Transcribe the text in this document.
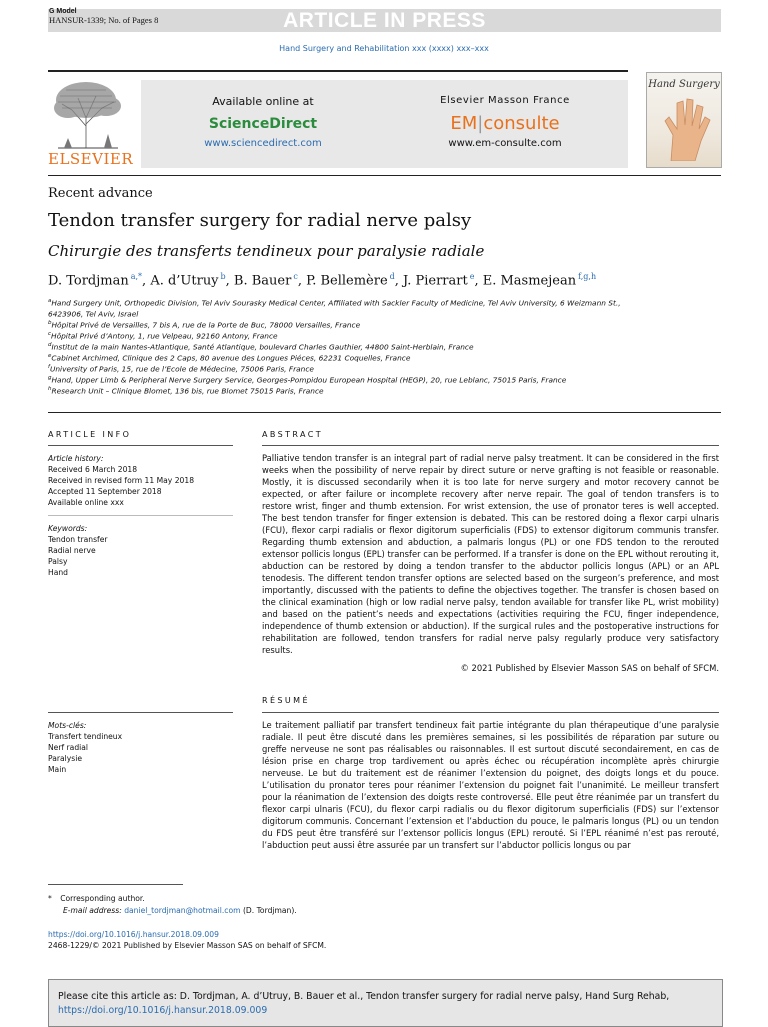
ARTICLE IN PRESS
G Model
HANSUR-1339; No. of Pages 8
Hand Surgery and Rehabilitation xxx (xxxx) xxx–xxx
ELSEVIER
Available online at
ScienceDirect
www.sciencedirect.com
Elsevier Masson France
EM|consulte
www.em-consulte.com
Hand Surgery
Recent advance
Tendon transfer surgery for radial nerve palsy
Chirurgie des transferts tendineux pour paralysie radiale
D. Tordjman $^{a,*}$, A. d’Utruy $^b$, B. Bauer $^c$, P. Bellemère $^d$, J. Pierrart $^e$, E. Masmejean $^{f,g,h}$
$^a$Hand Surgery Unit, Orthopedic Division, Tel Aviv Sourasky Medical Center, Affiliated with Sackler Faculty of Medicine, Tel Aviv University, 6 Weizmann St.,
6423906, Tel Aviv, Israel
$^b$Hôpital Privé de Versailles, 7 bis A, rue de la Porte de Buc, 78000 Versailles, France
$^c$Hôpital Privé d’Antony, 1, rue Velpeau, 92160 Antony, France
$^d$Institut de la main Nantes-Atlantique, Santé Atlantique, boulevard Charles Gauthier, 44800 Saint-Herblain, France
$^e$Cabinet Archimed, Clinique des 2 Caps, 80 avenue des Longues Piéces, 62231 Coquelles, France
$^f$University of Paris, 15, rue de l’Ecole de Médecine, 75006 Paris, France
$^g$Hand, Upper Limb & Peripheral Nerve Surgery Service, Georges-Pompidou European Hospital (HEGP), 20, rue Leblanc, 75015 Paris, France
$^h$Research Unit – Clinique Blomet, 136 bis, rue Blomet 75015 Paris, France
ARTICLE INFO
Article history:
Received 6 March 2018
Received in revised form 11 May 2018
Accepted 11 September 2018
Available online xxx
Keywords:
Tendon transfer
Radial nerve
Palsy
Hand
ABSTRACT
Palliative tendon transfer is an integral part of radial nerve palsy treatment. It can be considered in the first weeks when the possibility of nerve repair by direct suture or nerve grafting is not feasible or reasonable. Mostly, it is discussed secondarily when it is too late for nerve surgery and motor recovery cannot be expected, or after failure or incomplete recovery after nerve repair. The goal of tendon transfers is to restore wrist, finger and thumb extension. For wrist extension, the use of pronator teres is well accepted. The best tendon transfer for finger extension is debated. This can be restored doing a flexor carpi ulnaris (FCU), flexor carpi radialis or flexor digitorum superficialis (FDS) to extensor digitorum communis transfer. Regarding thumb extension and abduction, a palmaris longus (PL) or one FDS tendon to the rerouted extensor pollicis longus (EPL) transfer can be performed. If a transfer is done on the EPL without rerouting it, abduction can be restored by doing a tendon transfer to the abductor pollicis longus (APL) or an APL tenodesis. The different tendon transfer options are selected based on the surgeon’s preference, and most importantly, discussed with the patients to define the objectives together. The transfer is chosen based on the clinical examination (high or low radial nerve palsy, tendon available for transfer like PL, wrist mobility) and based on the patient’s needs and expectations (activities requiring the FCU, finger independence, independence of thumb extension or abduction). If the surgical rules and the postoperative instructions for rehabilitation are followed, tendon transfers for radial nerve palsy regularly produce very satisfactory results.
© 2021 Published by Elsevier Masson SAS on behalf of SFCM.
RÉSUMÉ
Mots-clés:
Transfert tendineux
Nerf radial
Paralysie
Main
Le traitement palliatif par transfert tendineux fait partie intégrante du plan thérapeutique d’une paralysie radiale. Il peut être discuté dans les premières semaines, si les possibilités de réparation par suture ou greffe nerveuse ne sont pas réalisables ou raisonnables. Il est surtout discuté secondairement, en cas de lésion prise en charge trop tardivement ou après échec ou récupération incomplète après chirurgie nerveuse. Le but du traitement est de réanimer l’extension du poignet, des doigts longs et du pouce. L’utilisation du pronator teres pour réanimer l’extension du poignet fait l’unanimité. Le meilleur transfert pour la réanimation de l’extension des doigts reste controversé. Elle peut être réanimée par un transfert du flexor carpi ulnaris (FCU), du flexor carpi radialis ou du flexor digitorum superficialis (FDS) sur l’extensor digitorum communis. Concernant l’extension et l’abduction du pouce, le palmaris longus (PL) ou un tendon du FDS peut être transféré sur l’extensor pollicis longus (EPL) rerouté. Si l’EPL réanimé n’est pas rerouté, l’abduction peut aussi être assurée par un transfert sur l’abductor pollicis longus ou par
* Corresponding author.
E-mail address: daniel_tordjman@hotmail.com (D. Tordjman).
https://doi.org/10.1016/j.hansur.2018.09.009
2468-1229/© 2021 Published by Elsevier Masson SAS on behalf of SFCM.
Please cite this article as: D. Tordjman, A. d’Utruy, B. Bauer et al., Tendon transfer surgery for radial nerve palsy, Hand Surg Rehab,
https://doi.org/10.1016/j.hansur.2018.09.009
